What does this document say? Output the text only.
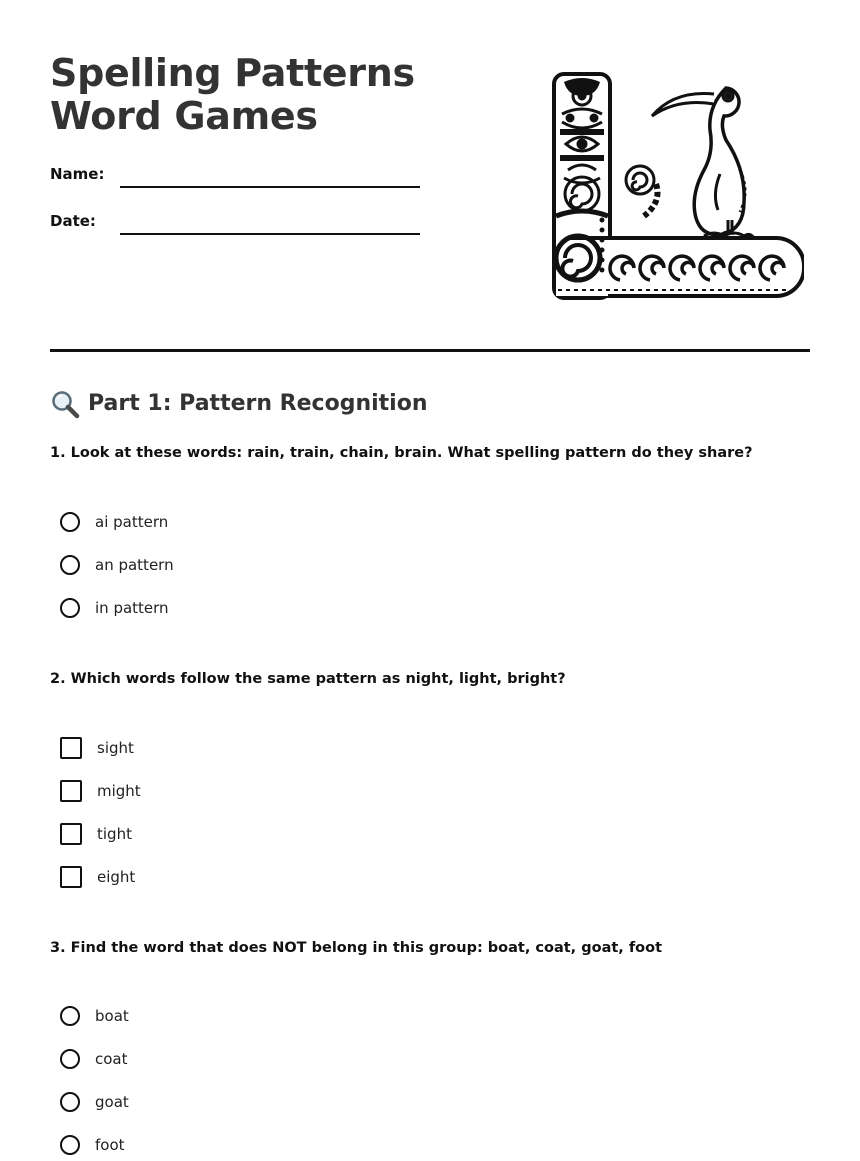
Spelling Patterns Word Games
Name:
Date:
Part 1: Pattern Recognition

1. Look at these words: rain, train, chain, brain. What spelling pattern do they share?

ai pattern
an pattern
in pattern

2. Which words follow the same pattern as night, light, bright?

sight
might
tight
eight

3. Find the word that does NOT belong in this group: boat, coat, goat, foot

boat
coat
goat
foot
